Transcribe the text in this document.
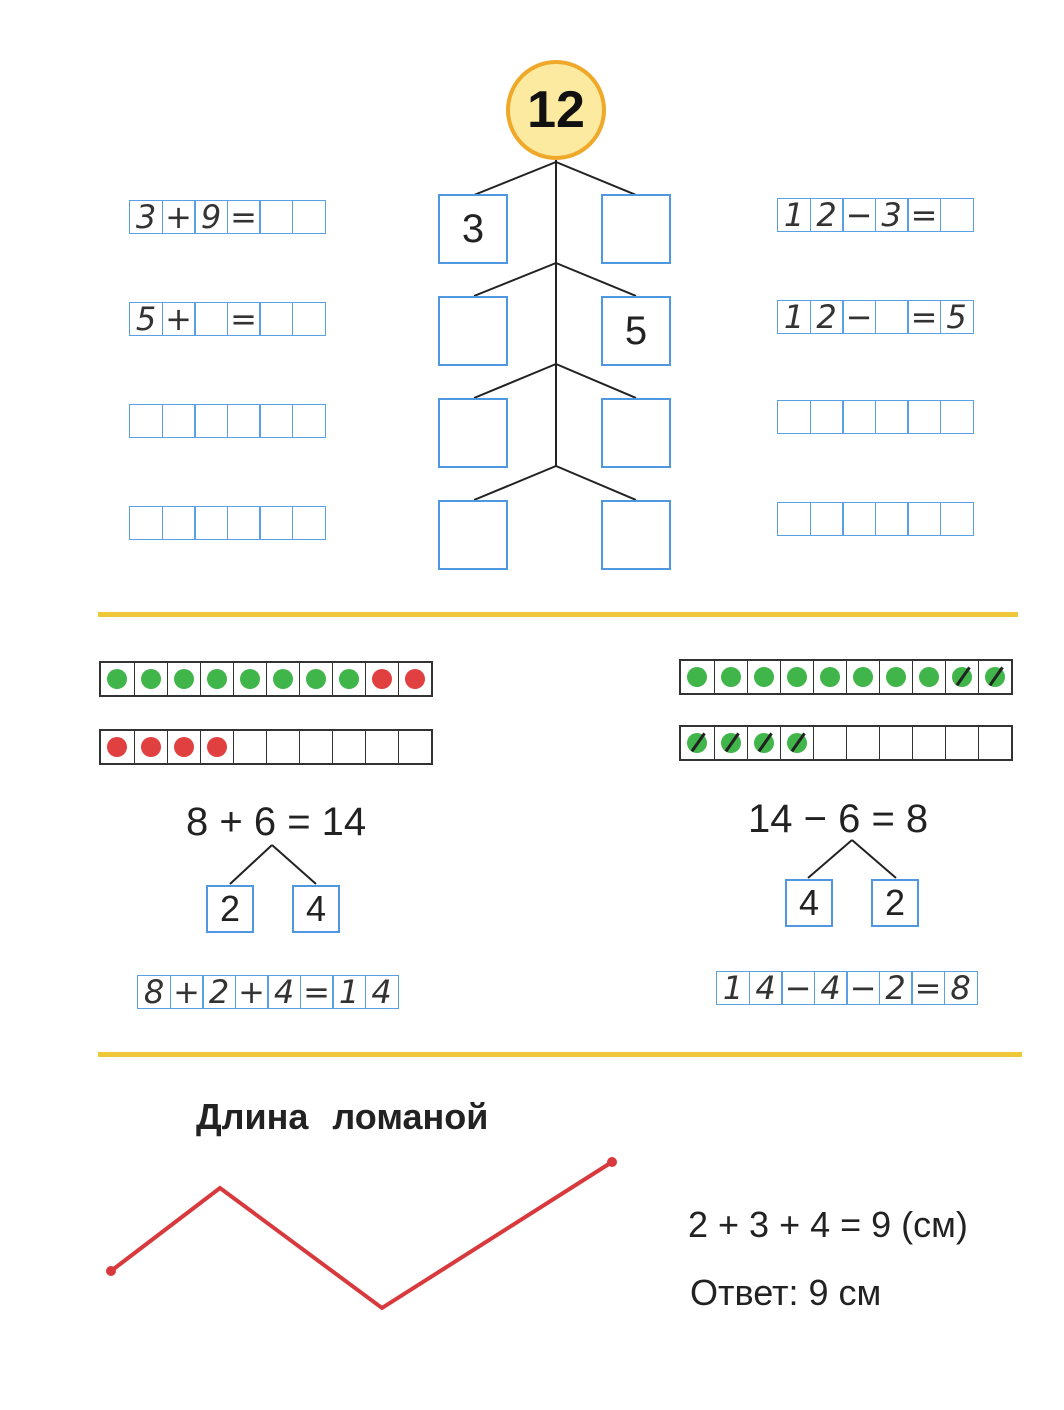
12
3
5
3 + 9 =
5 + =
1 2 − 3 =
1 2 − = 5
8 + 6 = 14	14 − 6 = 8
2	4	4	2
8 + 2 + 4 = 1 4	1 4 − 4 − 2 = 8
Длина ломаной
2 + 3 + 4 = 9 (см)
Ответ: 9 см
